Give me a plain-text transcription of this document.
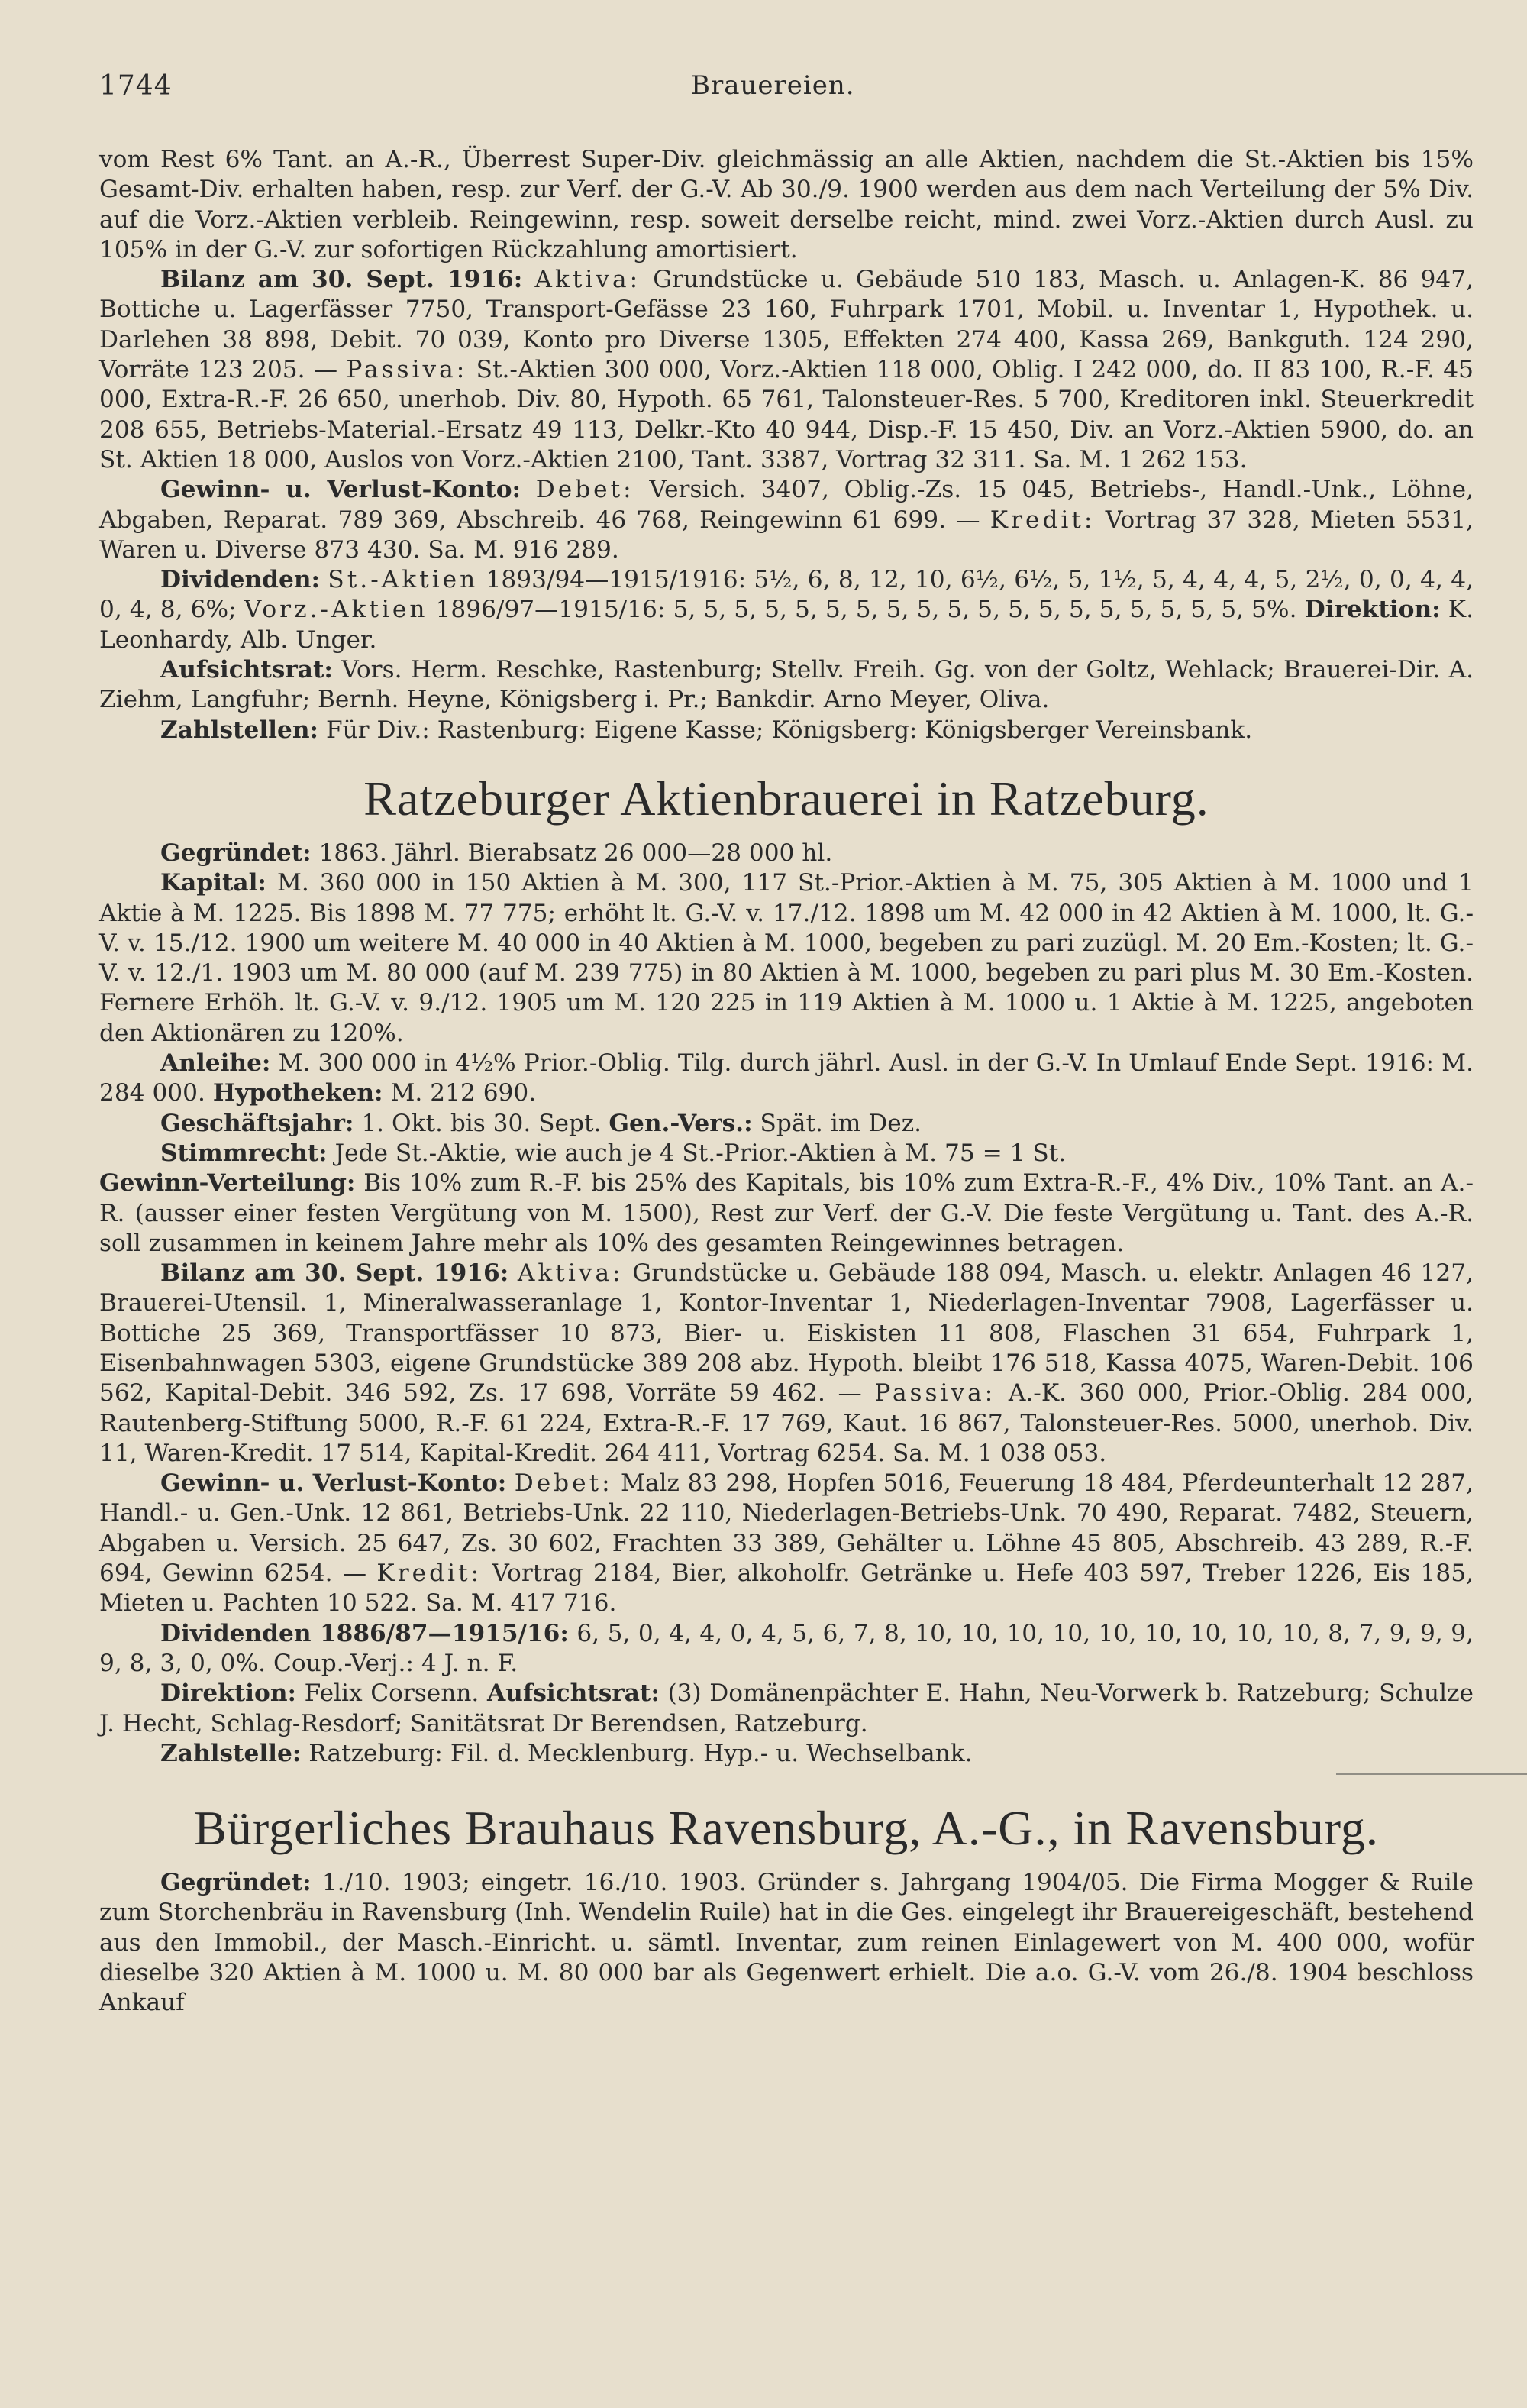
1744	Brauereien.

vom Rest 6% Tant. an A.-R., Überrest Super-Div. gleichmässig an alle Aktien, nachdem die St.-Aktien bis 15% Gesamt-Div. erhalten haben, resp. zur Verf. der G.-V. Ab 30./9. 1900 werden aus dem nach Verteilung der 5% Div. auf die Vorz.-Aktien verbleib. Reingewinn, resp. soweit derselbe reicht, mind. zwei Vorz.-Aktien durch Ausl. zu 105% in der G.-V. zur sofortigen Rückzahlung amortisiert.

Bilanz am 30. Sept. 1916: Aktiva: Grundstücke u. Gebäude 510 183, Masch. u. Anlagen-K. 86 947, Bottiche u. Lagerfässer 7750, Transport-Gefässe 23 160, Fuhrpark 1701, Mobil. u. Inventar 1, Hypothek. u. Darlehen 38 898, Debit. 70 039, Konto pro Diverse 1305, Effekten 274 400, Kassa 269, Bankguth. 124 290, Vorräte 123 205. — Passiva: St.-Aktien 300 000, Vorz.-Aktien 118 000, Oblig. I 242 000, do. II 83 100, R.-F. 45 000, Extra-R.-F. 26 650, unerhob. Div. 80, Hypoth. 65 761, Talonsteuer-Res. 5 700, Kreditoren inkl. Steuerkredit 208 655, Betriebs-Material.-Ersatz 49 113, Delkr.-Kto 40 944, Disp.-F. 15 450, Div. an Vorz.-Aktien 5900, do. an St. Aktien 18 000, Auslos von Vorz.-Aktien 2100, Tant. 3387, Vortrag 32 311. Sa. M. 1 262 153.

Gewinn- u. Verlust-Konto: Debet: Versich. 3407, Oblig.-Zs. 15 045, Betriebs-, Handl.-Unk., Löhne, Abgaben, Reparat. 789 369, Abschreib. 46 768, Reingewinn 61 699. — Kredit: Vortrag 37 328, Mieten 5531, Waren u. Diverse 873 430. Sa. M. 916 289.

Dividenden: St.-Aktien 1893/94—1915/1916: 5½, 6, 8, 12, 10, 6½, 6½, 5, 1½, 5, 4, 4, 4, 5, 2½, 0, 0, 4, 4, 0, 4, 8, 6%; Vorz.-Aktien 1896/97—1915/16: 5, 5, 5, 5, 5, 5, 5, 5, 5, 5, 5, 5, 5, 5, 5, 5, 5, 5, 5, 5%. Direktion: K. Leonhardy, Alb. Unger.

Aufsichtsrat: Vors. Herm. Reschke, Rastenburg; Stellv. Freih. Gg. von der Goltz, Wehlack; Brauerei-Dir. A. Ziehm, Langfuhr; Bernh. Heyne, Königsberg i. Pr.; Bankdir. Arno Meyer, Oliva.

Zahlstellen: Für Div.: Rastenburg: Eigene Kasse; Königsberg: Königsberger Vereinsbank.

Ratzeburger Aktienbrauerei in Ratzeburg.

Gegründet: 1863. Jährl. Bierabsatz 26 000—28 000 hl.

Kapital: M. 360 000 in 150 Aktien à M. 300, 117 St.-Prior.-Aktien à M. 75, 305 Aktien à M. 1000 und 1 Aktie à M. 1225. Bis 1898 M. 77 775; erhöht lt. G.-V. v. 17./12. 1898 um M. 42 000 in 42 Aktien à M. 1000, lt. G.-V. v. 15./12. 1900 um weitere M. 40 000 in 40 Aktien à M. 1000, begeben zu pari zuzügl. M. 20 Em.-Kosten; lt. G.-V. v. 12./1. 1903 um M. 80 000 (auf M. 239 775) in 80 Aktien à M. 1000, begeben zu pari plus M. 30 Em.-Kosten. Fernere Erhöh. lt. G.-V. v. 9./12. 1905 um M. 120 225 in 119 Aktien à M. 1000 u. 1 Aktie à M. 1225, angeboten den Aktionären zu 120%.

Anleihe: M. 300 000 in 4½% Prior.-Oblig. Tilg. durch jährl. Ausl. in der G.-V. In Umlauf Ende Sept. 1916: M. 284 000. Hypotheken: M. 212 690.

Geschäftsjahr: 1. Okt. bis 30. Sept. Gen.-Vers.: Spät. im Dez.

Stimmrecht: Jede St.-Aktie, wie auch je 4 St.-Prior.-Aktien à M. 75 = 1 St.

Gewinn-Verteilung: Bis 10% zum R.-F. bis 25% des Kapitals, bis 10% zum Extra-R.-F., 4% Div., 10% Tant. an A.-R. (ausser einer festen Vergütung von M. 1500), Rest zur Verf. der G.-V. Die feste Vergütung u. Tant. des A.-R. soll zusammen in keinem Jahre mehr als 10% des gesamten Reingewinnes betragen.

Bilanz am 30. Sept. 1916: Aktiva: Grundstücke u. Gebäude 188 094, Masch. u. elektr. Anlagen 46 127, Brauerei-Utensil. 1, Mineralwasseranlage 1, Kontor-Inventar 1, Niederlagen-Inventar 7908, Lagerfässer u. Bottiche 25 369, Transportfässer 10 873, Bier- u. Eiskisten 11 808, Flaschen 31 654, Fuhrpark 1, Eisenbahnwagen 5303, eigene Grundstücke 389 208 abz. Hypoth. bleibt 176 518, Kassa 4075, Waren-Debit. 106 562, Kapital-Debit. 346 592, Zs. 17 698, Vorräte 59 462. — Passiva: A.-K. 360 000, Prior.-Oblig. 284 000, Rautenberg-Stiftung 5000, R.-F. 61 224, Extra-R.-F. 17 769, Kaut. 16 867, Talonsteuer-Res. 5000, unerhob. Div. 11, Waren-Kredit. 17 514, Kapital-Kredit. 264 411, Vortrag 6254. Sa. M. 1 038 053.

Gewinn- u. Verlust-Konto: Debet: Malz 83 298, Hopfen 5016, Feuerung 18 484, Pferdeunterhalt 12 287, Handl.- u. Gen.-Unk. 12 861, Betriebs-Unk. 22 110, Niederlagen-Betriebs-Unk. 70 490, Reparat. 7482, Steuern, Abgaben u. Versich. 25 647, Zs. 30 602, Frachten 33 389, Gehälter u. Löhne 45 805, Abschreib. 43 289, R.-F. 694, Gewinn 6254. — Kredit: Vortrag 2184, Bier, alkoholfr. Getränke u. Hefe 403 597, Treber 1226, Eis 185, Mieten u. Pachten 10 522. Sa. M. 417 716.

Dividenden 1886/87—1915/16: 6, 5, 0, 4, 4, 0, 4, 5, 6, 7, 8, 10, 10, 10, 10, 10, 10, 10, 10, 10, 8, 7, 9, 9, 9, 9, 8, 3, 0, 0%. Coup.-Verj.: 4 J. n. F.

Direktion: Felix Corsenn. Aufsichtsrat: (3) Domänenpächter E. Hahn, Neu-Vorwerk b. Ratzeburg; Schulze J. Hecht, Schlag-Resdorf; Sanitätsrat Dr Berendsen, Ratzeburg.

Zahlstelle: Ratzeburg: Fil. d. Mecklenburg. Hyp.- u. Wechselbank.

Bürgerliches Brauhaus Ravensburg, A.-G., in Ravensburg.

Gegründet: 1./10. 1903; eingetr. 16./10. 1903. Gründer s. Jahrgang 1904/05. Die Firma Mogger & Ruile zum Storchenbräu in Ravensburg (Inh. Wendelin Ruile) hat in die Ges. eingelegt ihr Brauereigeschäft, bestehend aus den Immobil., der Masch.-Einricht. u. sämtl. Inventar, zum reinen Einlagewert von M. 400 000, wofür dieselbe 320 Aktien à M. 1000 u. M. 80 000 bar als Gegenwert erhielt. Die a.o. G.-V. vom 26./8. 1904 beschloss Ankauf
